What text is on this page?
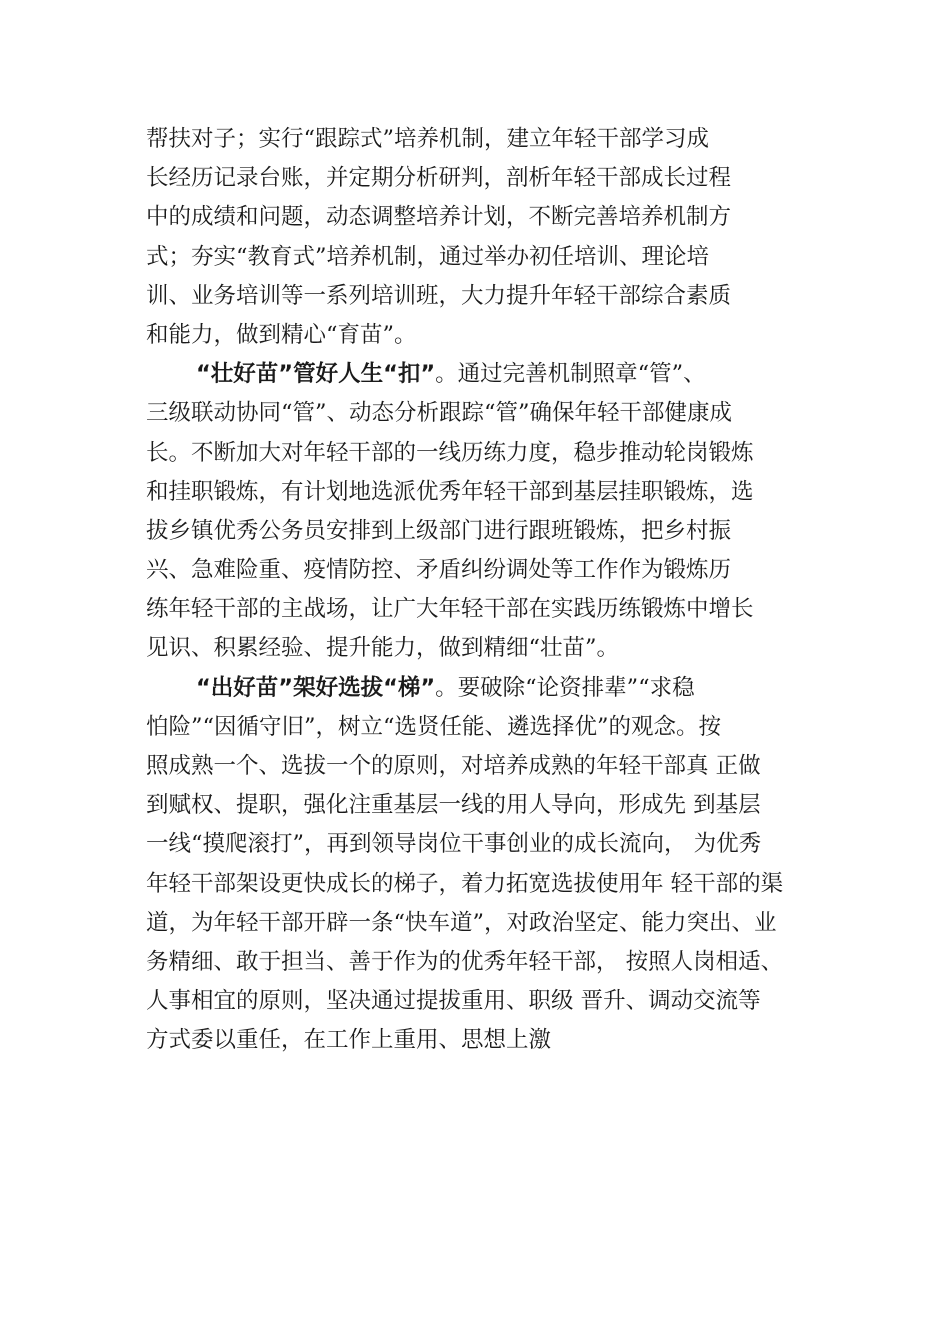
帮扶对子；实行“跟踪式”培养机制，建立年轻干部学习成
长经历记录台账，并定期分析研判，剖析年轻干部成长过程
中的成绩和问题，动态调整培养计划，不断完善培养机制方
式；夯实“教育式”培养机制，通过举办初任培训、理论培
训、业务培训等一系列培训班，大力提升年轻干部综合素质
和能力，做到精心“育苗”。
“壮好苗”管好人生“扣”。通过完善机制照章“管”、
三级联动协同“管”、动态分析跟踪“管”确保年轻干部健康成
长。不断加大对年轻干部的一线历练力度，稳步推动轮岗锻炼
和挂职锻炼，有计划地选派优秀年轻干部到基层挂职锻炼，选
拔乡镇优秀公务员安排到上级部门进行跟班锻炼，把乡村振
兴、急难险重、疫情防控、矛盾纠纷调处等工作作为锻炼历
练年轻干部的主战场，让广大年轻干部在实践历练锻炼中增长
见识、积累经验、提升能力，做到精细“壮苗”。
“出好苗”架好选拔“梯”。要破除“论资排辈”“求稳
怕险”“因循守旧”，树立“选贤任能、遴选择优”的观念。按
照成熟一个、选拔一个的原则，对培养成熟的年轻干部真 正做
到赋权、提职，强化注重基层一线的用人导向，形成先 到基层
一线“摸爬滚打”，再到领导岗位干事创业的成长流向， 为优秀
年轻干部架设更快成长的梯子，着力拓宽选拔使用年 轻干部的渠
道，为年轻干部开辟一条“快车道”，对政治坚定、能力突出、业
务精细、敢于担当、善于作为的优秀年轻干部， 按照人岗相适、
人事相宜的原则，坚决通过提拔重用、职级 晋升、调动交流等
方式委以重任，在工作上重用、思想上激
